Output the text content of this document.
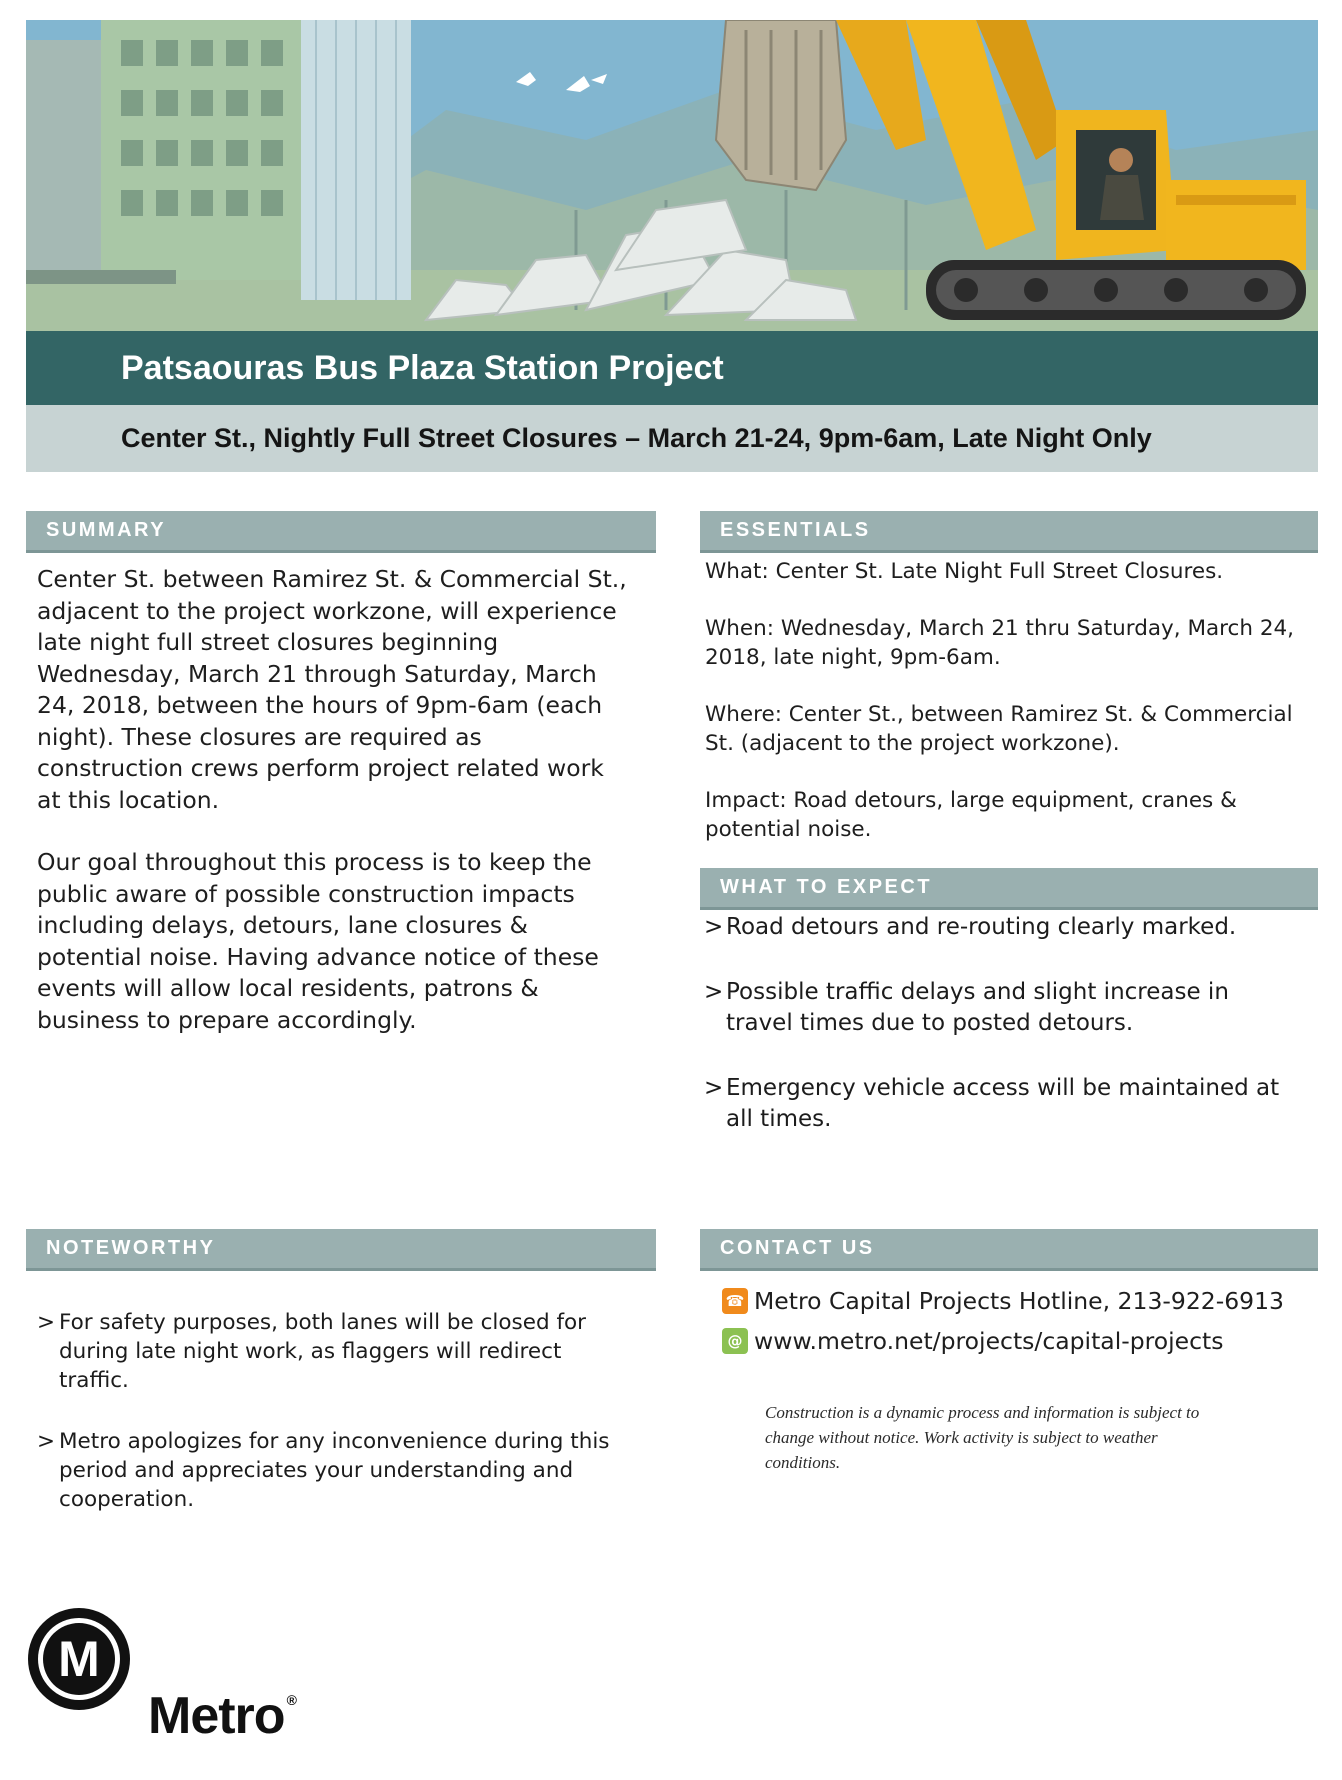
Patsaouras Bus Plaza Station Project
Center St., Nightly Full Street Closures – March 21-24, 9pm-6am, Late Night Only
SUMMARY

Center St. between Ramirez St. & Commercial St., adjacent to the project workzone, will experience late night full street closures beginning Wednesday, March 21 through Saturday, March 24, 2018, between the hours of 9pm-6am (each night). These closures are required as construction crews perform project related work at this location.

Our goal throughout this process is to keep the public aware of possible construction impacts including delays, detours, lane closures & potential noise. Having advance notice of these events will allow local residents, patrons & business to prepare accordingly.

ESSENTIALS

What: Center St. Late Night Full Street Closures.

When: Wednesday, March 21 thru Saturday, March 24, 2018, late night, 9pm-6am.

Where: Center St., between Ramirez St. & Commercial St. (adjacent to the project workzone).

Impact: Road detours, large equipment, cranes & potential noise.

WHAT TO EXPECT
> Road detours and re-routing clearly marked.
> Possible traffic delays and slight increase in travel times due to posted detours.
> Emergency vehicle access will be maintained at all times.
NOTEWORTHY
> For safety purposes, both lanes will be closed for during late night work, as flaggers will redirect traffic.
> Metro apologizes for any inconvenience during this period and appreciates your understanding and cooperation.
CONTACT US
☎ Metro Capital Projects Hotline, 213-922-6913
@ www.metro.net/projects/capital-projects
Construction is a dynamic process and information is subject to change without notice. Work activity is subject to weather conditions.
M
Metro ®
